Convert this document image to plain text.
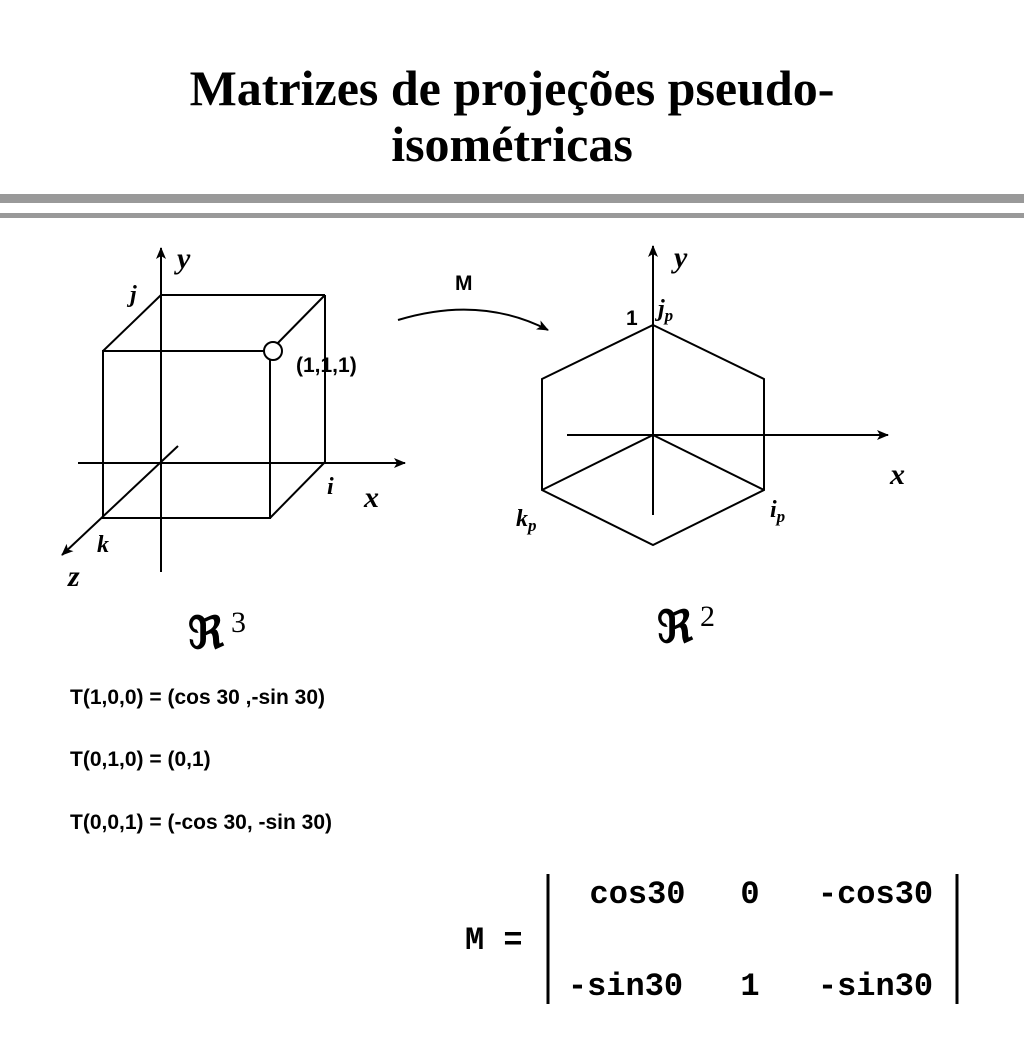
Matrizes de projeções pseudo-
isométricas
y
x
z
j
i
k
(1,1,1)
ℜ 3
M
y
x
1 $j_p$
$i_p$
$k_p$
ℜ 2
T(1,0,0) = (cos 30 ,-sin 30)
T(0,1,0) = (0,1)
T(0,0,1) = (-cos 30, -sin 30)
M =
cos30 0	-cos30
-sin30	1	-sin30
